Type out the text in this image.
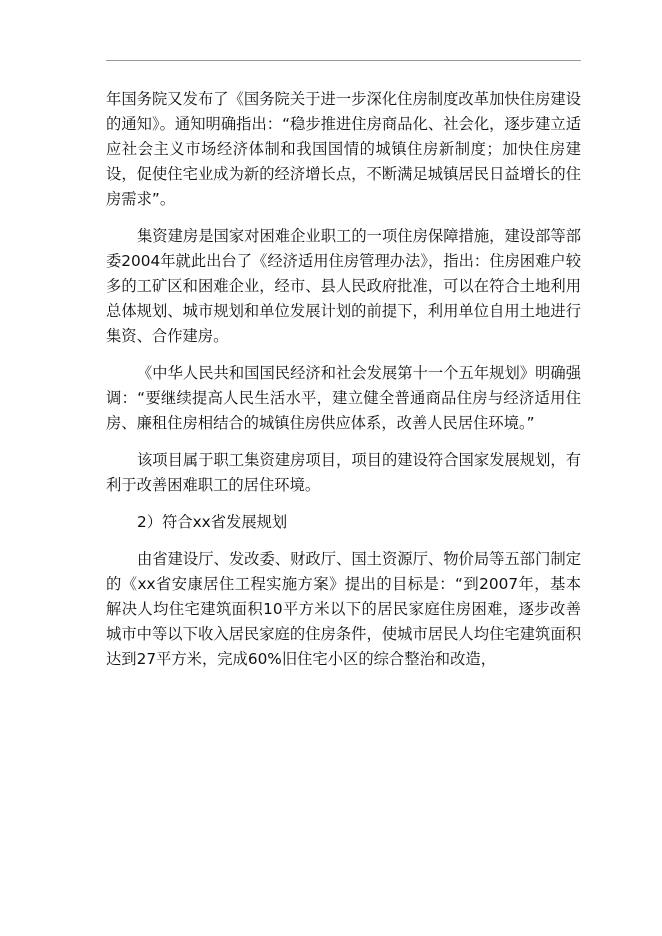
年国务院又发布了《国务院关于进一步深化住房制度改革加快住房建设的通知》。通知明确指出：“稳步推进住房商品化、社会化，逐步建立适应社会主义市场经济体制和我国国情的城镇住房新制度；加快住房建设，促使住宅业成为新的经济增长点，不断满足城镇居民日益增长的住房需求”。

集资建房是国家对困难企业职工的一项住房保障措施，建设部等部委2004年就此出台了《经济适用住房管理办法》，指出：住房困难户较多的工矿区和困难企业，经市、县人民政府批准，可以在符合土地利用总体规划、城市规划和单位发展计划的前提下，利用单位自用土地进行集资、合作建房。

《中华人民共和国国民经济和社会发展第十一个五年规划》明确强调：“要继续提高人民生活水平，建立健全普通商品住房与经济适用住房、廉租住房相结合的城镇住房供应体系，改善人民居住环境。”

该项目属于职工集资建房项目，项目的建设符合国家发展规划，有利于改善困难职工的居住环境。

2）符合xx省发展规划

由省建设厅、发改委、财政厅、国土资源厅、物价局等五部门制定的《xx省安康居住工程实施方案》提出的目标是：“到2007年，基本解决人均住宅建筑面积10平方米以下的居民家庭住房困难，逐步改善城市中等以下收入居民家庭的住房条件，使城市居民人均住宅建筑面积达到27平方米，完成60%旧住宅小区的综合整治和改造，
